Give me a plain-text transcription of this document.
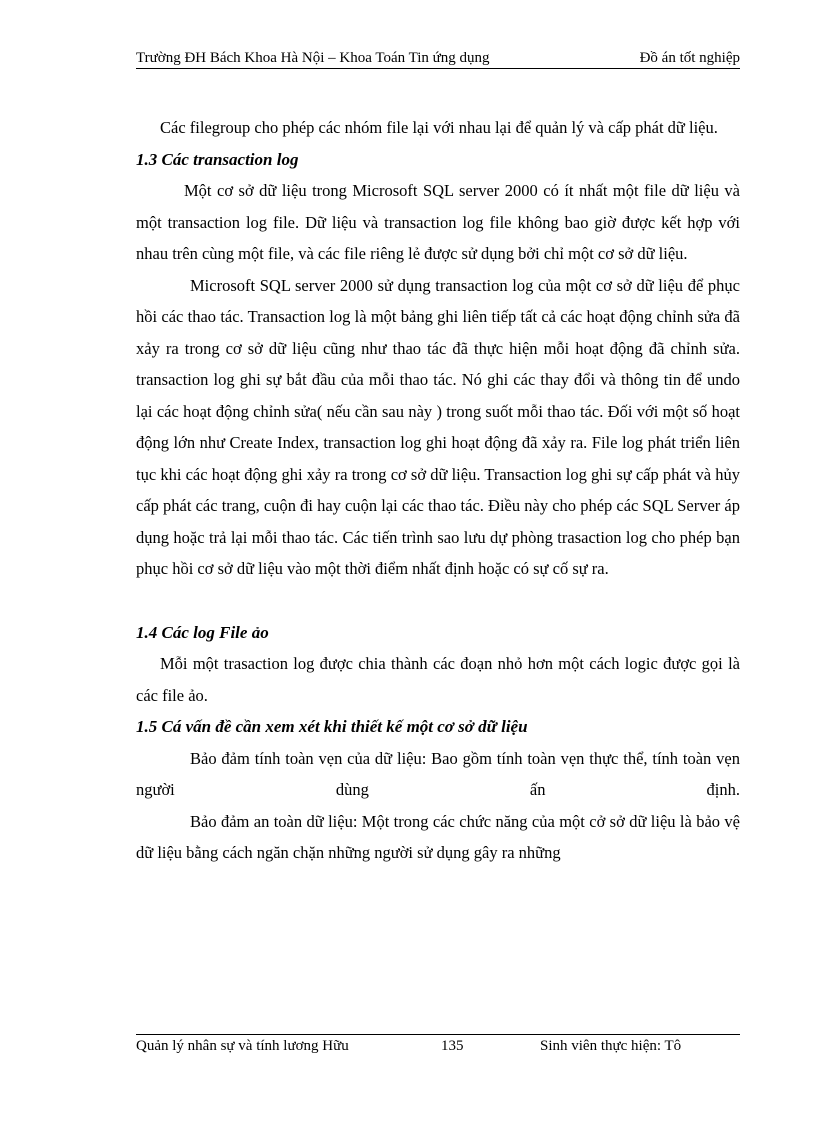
Trường ĐH Bách Khoa Hà Nội – Khoa Toán Tin ứng dụng	Đồ án tốt nghiệp

Các filegroup cho phép các nhóm file lại với nhau lại để quản lý và cấp phát dữ liệu.

1.3 Các transaction log

Một cơ sở dữ liệu trong Microsoft SQL server 2000 có ít nhất một file dữ liệu và một transaction log file. Dữ liệu và transaction log file không bao giờ được kết hợp với nhau trên cùng một file, và các file riêng lẻ được sử dụng bởi chỉ một cơ sở dữ liệu.

Microsoft SQL server 2000 sử dụng transaction log của một cơ sở dữ liệu để phục hồi các thao tác. Transaction log là một bảng ghi liên tiếp tất cả các hoạt động chỉnh sửa đã xảy ra trong cơ sở dữ liệu cũng như thao tác đã thực hiện mỗi hoạt động đã chỉnh sửa. transaction log ghi sự bắt đầu của mỗi thao tác. Nó ghi các thay đổi và thông tin để undo lại các hoạt động chỉnh sửa( nếu cần sau này ) trong suốt mỗi thao tác. Đối với một số hoạt động lớn như Create Index, transaction log ghi hoạt động đã xảy ra. File log phát triển liên tục khi các hoạt động ghi xảy ra trong cơ sở dữ liệu. Transaction log ghi sự cấp phát và hủy cấp phát các trang, cuộn đi hay cuộn lại các thao tác. Điều này cho phép các SQL Server áp dụng hoặc trả lại mỗi thao tác. Các tiến trình sao lưu dự phòng trasaction log cho phép bạn phục hồi cơ sở dữ liệu vào một thời điểm nhất định hoặc có sự cố sự ra.

1.4 Các log File ảo

Mỗi một trasaction log được chia thành các đoạn nhỏ hơn một cách logic được gọi là các file ảo.

1.5 Cá vấn đề cần xem xét khi thiết kế một cơ sở dữ liệu

Bảo đảm tính toàn vẹn của dữ liệu: Bao gồm tính toàn vẹn thực thể, tính toàn vẹn người dùng ấn định.

Bảo đảm an toàn dữ liệu: Một trong các chức năng của một cở sở dữ liệu là bảo vệ dữ liệu bằng cách ngăn chặn những người sử dụng gây ra những

Quản lý nhân sự và tính lương Hữu	135	Sinh viên thực hiện: Tô
